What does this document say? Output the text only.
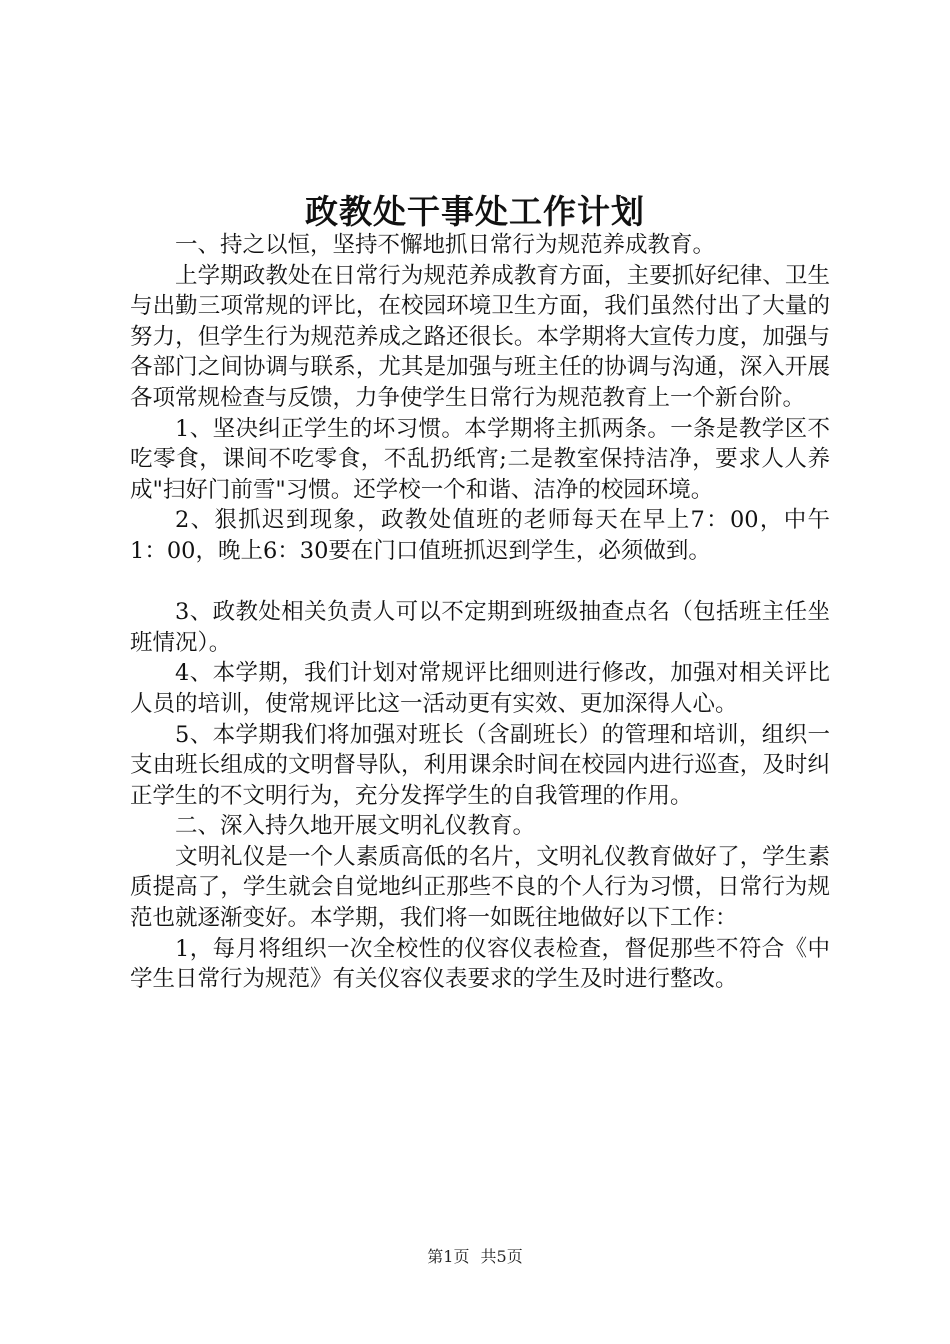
政教处干事处工作计划

一、持之以恒，坚持不懈地抓日常行为规范养成教育。

上学期政教处在日常行为规范养成教育方面，主要抓好纪律、卫生与出勤三项常规的评比，在校园环境卫生方面，我们虽然付出了大量的努力，但学生行为规范养成之路还很长。本学期将大宣传力度，加强与各部门之间协调与联系，尤其是加强与班主任的协调与沟通，深入开展各项常规检查与反馈，力争使学生日常行为规范教育上一个新台阶。

1、坚决纠正学生的坏习惯。本学期将主抓两条。一条是教学区不吃零食，课间不吃零食，不乱扔纸宵;二是教室保持洁净，要求人人养成"扫好门前雪"习惯。还学校一个和谐、洁净的校园环境。

2、狠抓迟到现象，政教处值班的老师每天在早上7：00，中午1：00，晚上6：30要在门口值班抓迟到学生，必须做到。

3、政教处相关负责人可以不定期到班级抽查点名（包括班主任坐班情况）。

4、本学期，我们计划对常规评比细则进行修改，加强对相关评比人员的培训，使常规评比这一活动更有实效、更加深得人心。

5、本学期我们将加强对班长（含副班长）的管理和培训，组织一支由班长组成的文明督导队，利用课余时间在校园内进行巡查，及时纠正学生的不文明行为，充分发挥学生的自我管理的作用。

二、深入持久地开展文明礼仪教育。

文明礼仪是一个人素质高低的名片，文明礼仪教育做好了，学生素质提高了，学生就会自觉地纠正那些不良的个人行为习惯，日常行为规范也就逐渐变好。本学期，我们将一如既往地做好以下工作：

1，每月将组织一次全校性的仪容仪表检查，督促那些不符合《中学生日常行为规范》有关仪容仪表要求的学生及时进行整改。

第1页 共5页
